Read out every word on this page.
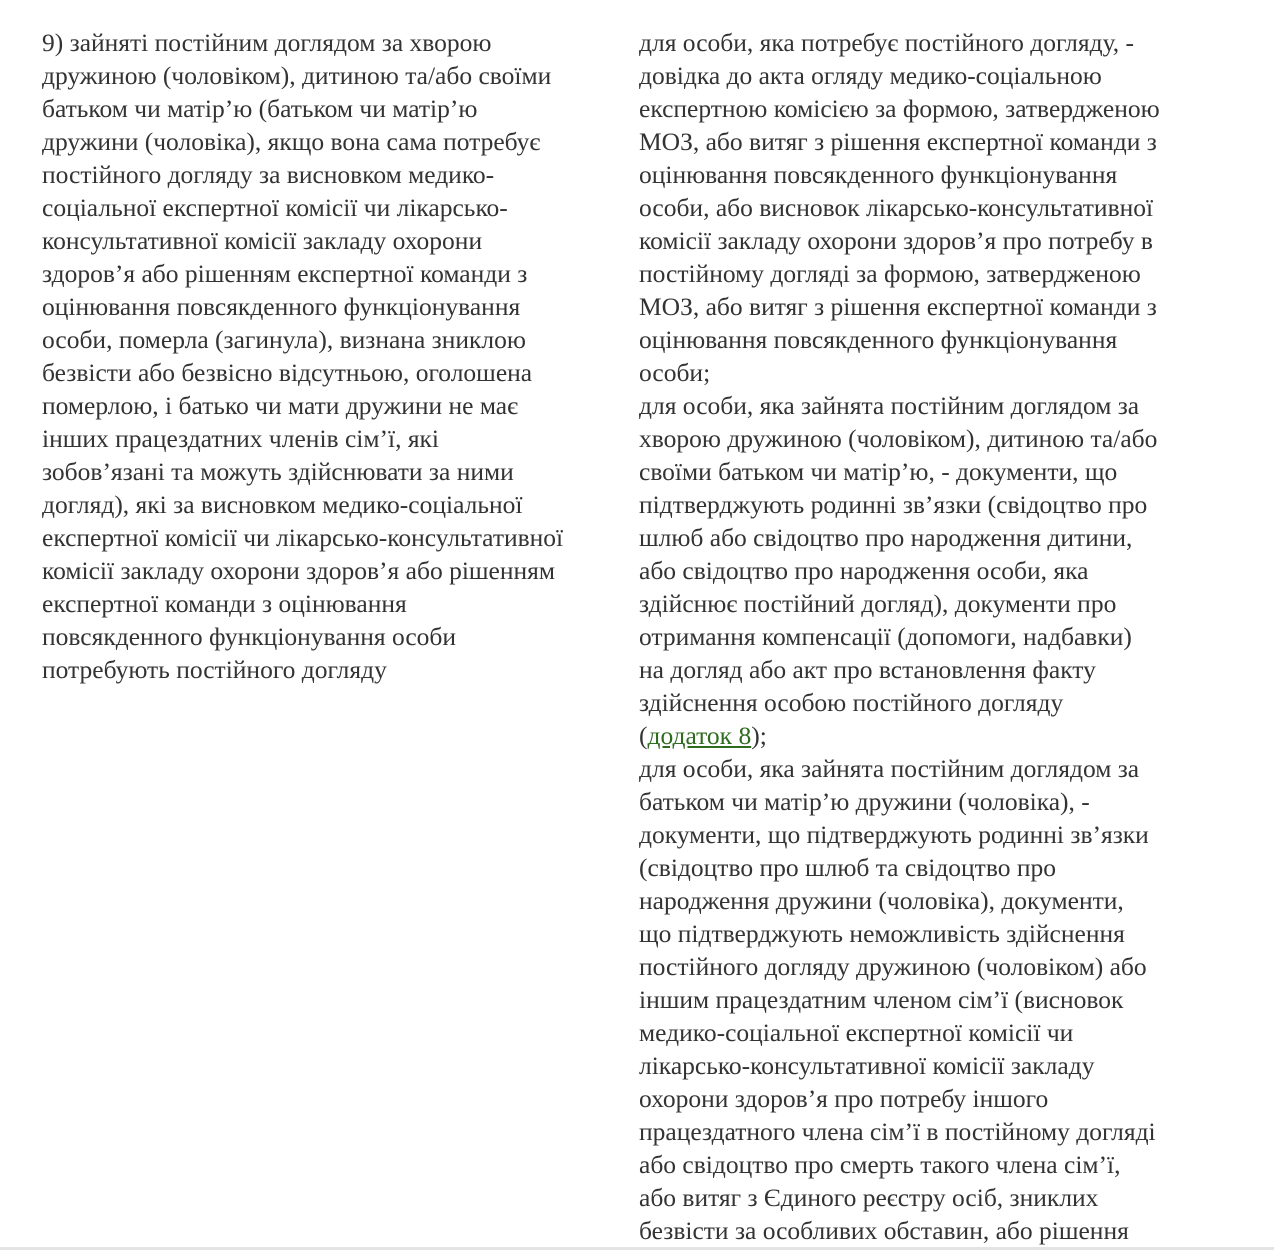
9) зайняті постійним доглядом за хворою
дружиною (чоловіком), дитиною та/або своїми
батьком чи матір’ю (батьком чи матір’ю
дружини (чоловіка), якщо вона сама потребує
постійного догляду за висновком медико-
соціальної експертної комісії чи лікарсько-
консультативної комісії закладу охорони
здоров’я або рішенням експертної команди з
оцінювання повсякденного функціонування
особи, померла (загинула), визнана зниклою
безвісти або безвісно відсутньою, оголошена
померлою, і батько чи мати дружини не має
інших працездатних членів сім’ї, які
зобов’язані та можуть здійснювати за ними
догляд), які за висновком медико-соціальної
експертної комісії чи лікарсько-консультативної
комісії закладу охорони здоров’я або рішенням
експертної команди з оцінювання
повсякденного функціонування особи
потребують постійного догляду
для особи, яка потребує постійного догляду, -
довідка до акта огляду медико-соціальною
експертною комісією за формою, затвердженою
МОЗ, або витяг з рішення експертної команди з
оцінювання повсякденного функціонування
особи, або висновок лікарсько-консультативної
комісії закладу охорони здоров’я про потребу в
постійному догляді за формою, затвердженою
МОЗ, або витяг з рішення експертної команди з
оцінювання повсякденного функціонування
особи;
для особи, яка зайнята постійним доглядом за
хворою дружиною (чоловіком), дитиною та/або
своїми батьком чи матір’ю, - документи, що
підтверджують родинні зв’язки (свідоцтво про
шлюб або свідоцтво про народження дитини,
або свідоцтво про народження особи, яка
здійснює постійний догляд), документи про
отримання компенсації (допомоги, надбавки)
на догляд або акт про встановлення факту
здійснення особою постійного догляду
(додаток 8);
для особи, яка зайнята постійним доглядом за
батьком чи матір’ю дружини (чоловіка), -
документи, що підтверджують родинні зв’язки
(свідоцтво про шлюб та свідоцтво про
народження дружини (чоловіка), документи,
що підтверджують неможливість здійснення
постійного догляду дружиною (чоловіком) або
іншим працездатним членом сім’ї (висновок
медико-соціальної експертної комісії чи
лікарсько-консультативної комісії закладу
охорони здоров’я про потребу іншого
працездатного члена сім’ї в постійному догляді
або свідоцтво про смерть такого члена сім’ї,
або витяг з Єдиного реєстру осіб, зниклих
безвісти за особливих обставин, або рішення
